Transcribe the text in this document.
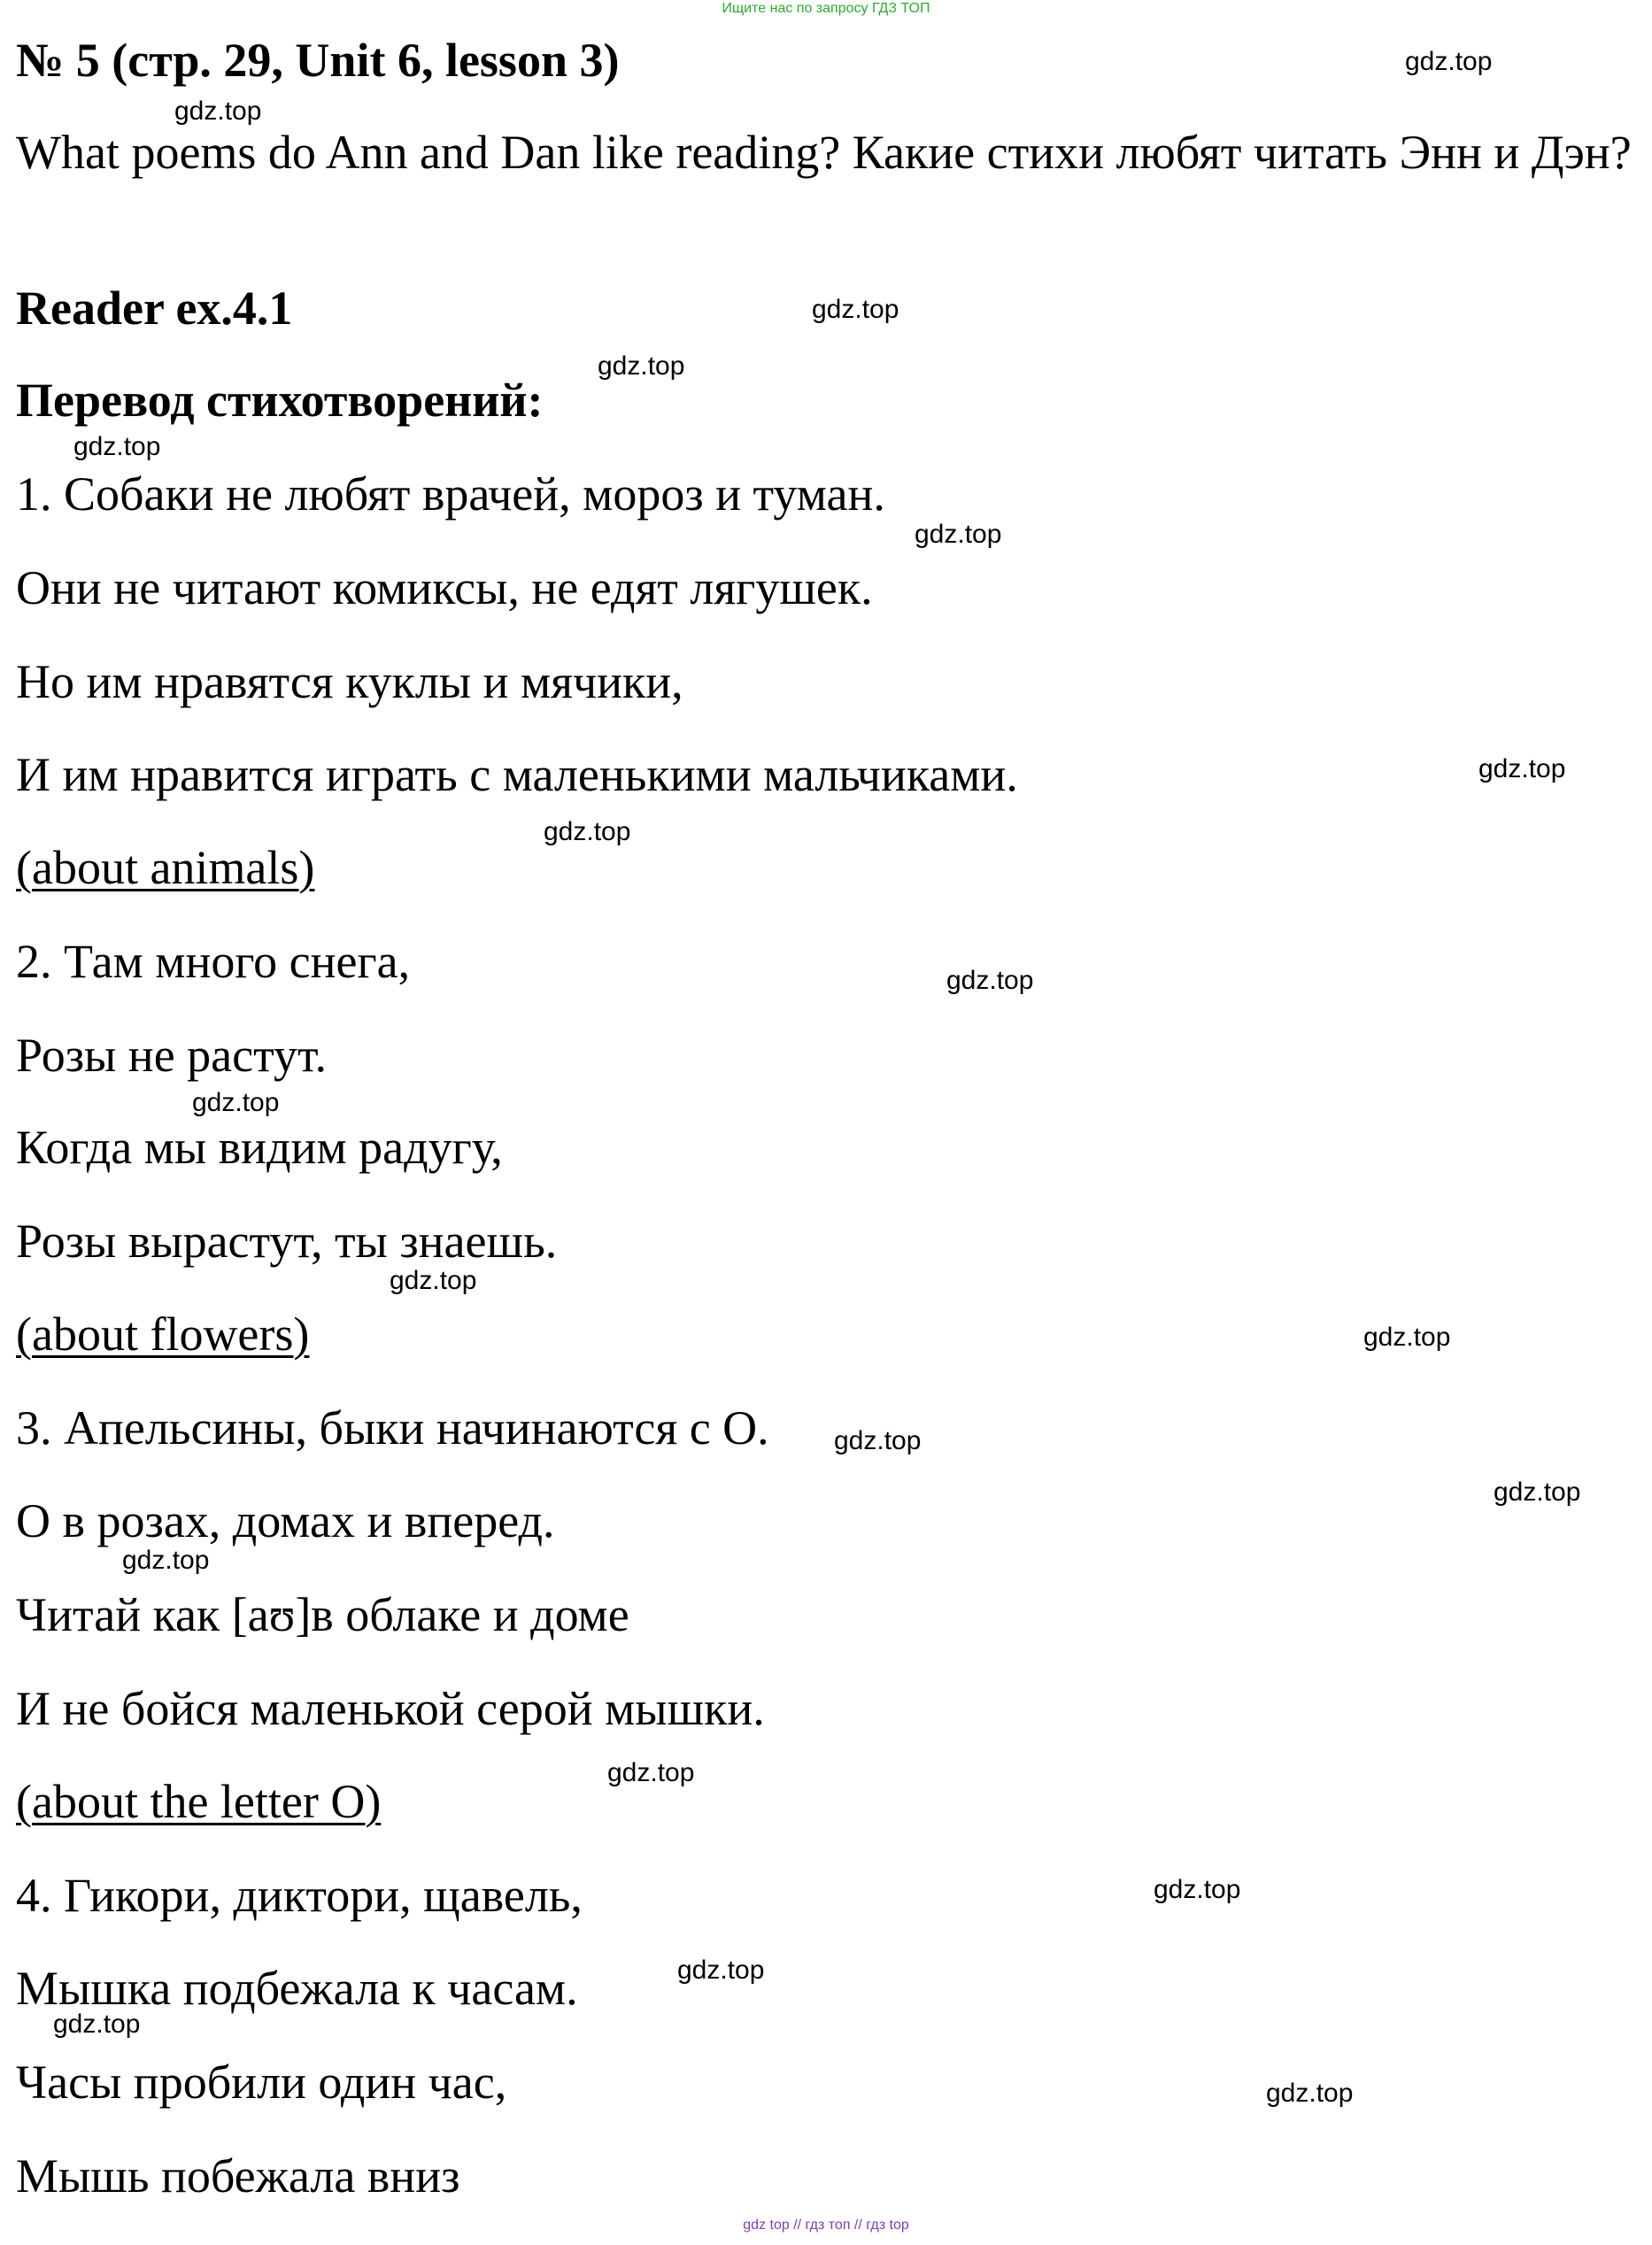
Ищите нас по запросу ГДЗ ТОП
№ 5 (стр. 29, Unit 6, lesson 3)
What poems do Ann and Dan like reading? Какие стихи любят читать Энн и Дэн?
Reader ex.4.1
Перевод стихотворений:
1. Собаки не любят врачей, мороз и туман.
Они не читают комиксы, не едят лягушек.
Но им нравятся куклы и мячики,
И им нравится играть с маленькими мальчиками.
(about animals)
2. Там много снега,
Розы не растут.
Когда мы видим радугу,
Розы вырастут, ты знаешь.
(about flowers)
3. Апельсины, быки начинаются с О.
О в розах, домах и вперед.
Читай как [aʊ]в облаке и доме
И не бойся маленькой серой мышки.
(about the letter O)
4. Гикори, диктори, щавель,
Мышка подбежала к часам.
Часы пробили один час,
Мышь побежала вниз
gdz.top
gdz.top
gdz.top
gdz.top
gdz.top
gdz.top
gdz.top
gdz.top
gdz.top
gdz.top
gdz.top
gdz.top
gdz.top
gdz.top
gdz.top
gdz.top
gdz.top
gdz.top
gdz.top
gdz.top
gdz top // гдз топ // гдз top
